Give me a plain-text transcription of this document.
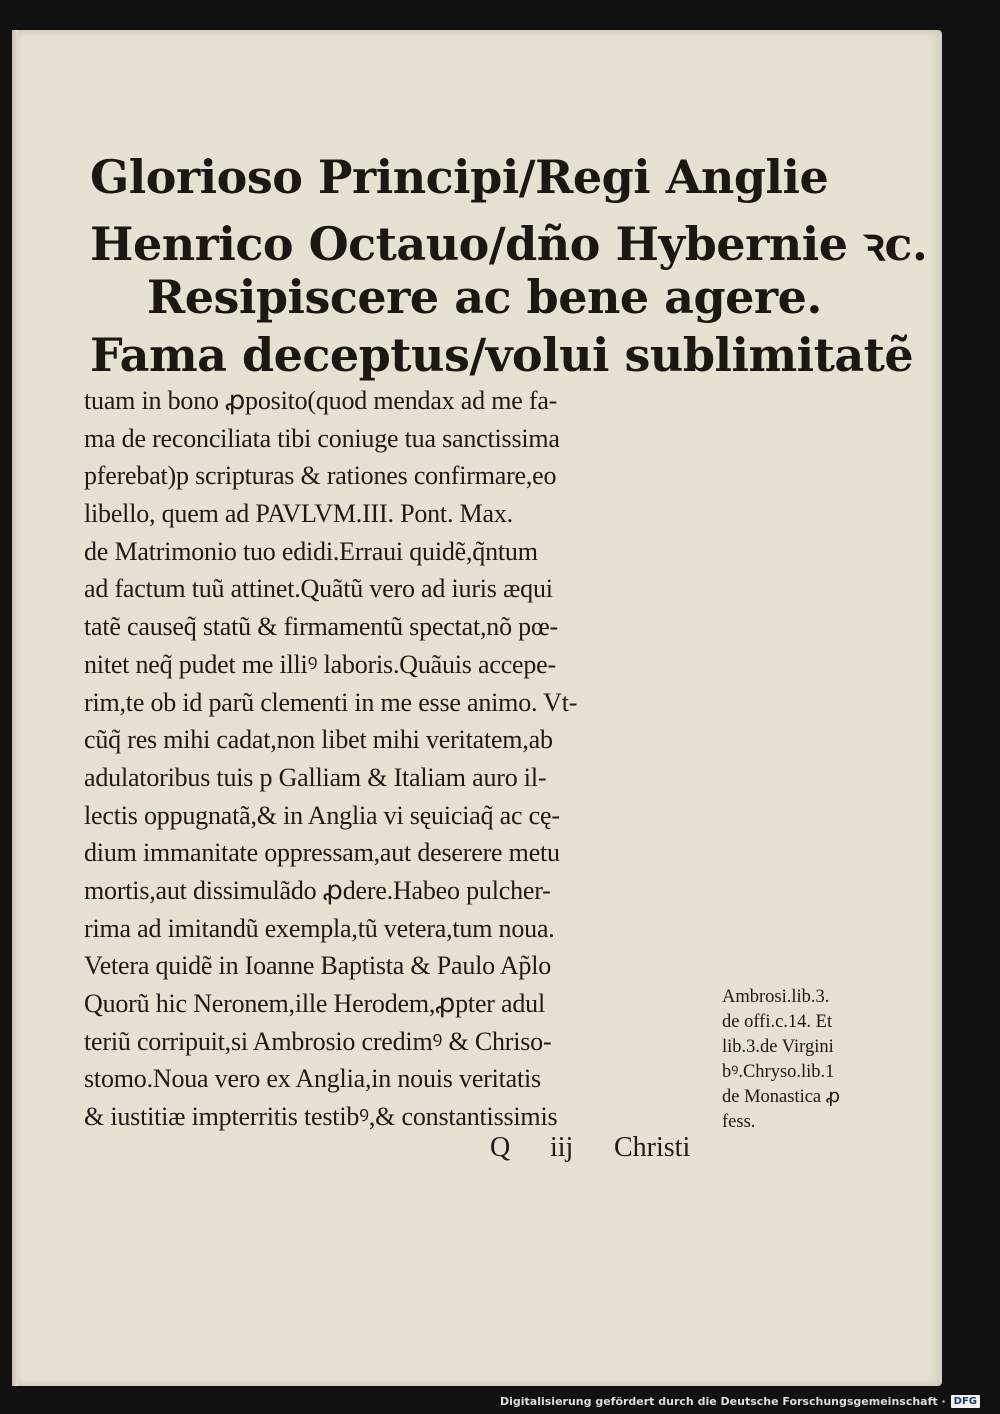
Glorioso Principi/Regi Anglie
Henrico Octauo/dño Hybernie ꝛc.
Resipiscere ac bene agere.
Fama deceptus/volui sublimitatẽ
tuam in bono ꝓposito(quod mendax ad me fa-
ma de reconciliata tibi coniuge tua sanctissima
pferebat)p scripturas & rationes confirmare,eo
libello, quem ad PAVLVM.III. Pont. Max.
de Matrimonio tuo edidi.Erraui quidẽ,q̃ntum
ad factum tuũ attinet.Quãtũ vero ad iuris æqui
tatẽ causeq̃ statũ & firmamentũ spectat,nõ pœ-
nitet neq̃ pudet me illiꝰ laboris.Quãuis accepe-
rim,te ob id parũ clementi in me esse animo. Vt-
cũq̃ res mihi cadat,non libet mihi veritatem,ab
adulatoribus tuis p Galliam & Italiam auro il-
lectis oppugnatã,& in Anglia vi sęuiciaq̃ ac cę-
dium immanitate oppressam,aut deserere metu
mortis,aut dissimulãdo ꝓdere.Habeo pulcher-
rima ad imitandũ exempla,tũ vetera,tum noua.
Vetera quidẽ in Ioanne Baptista & Paulo Ap̃lo
Quorũ hic Neronem,ille Herodem,ꝓpter adul
teriũ corripuit,si Ambrosio credimꝰ & Chriso-
stomo.Noua vero ex Anglia,in nouis veritatis
& iustitiæ impterritis testibꝰ,& constantissimis
Q iij Christi
Ambrosi.lib.3.
de offi.c.14. Et
lib.3.de Virgini
bꝰ.Chryso.lib.1
de Monastica ꝓ
fess.
Digitalisierung gefördert durch die Deutsche Forschungsgemeinschaft · DFG
